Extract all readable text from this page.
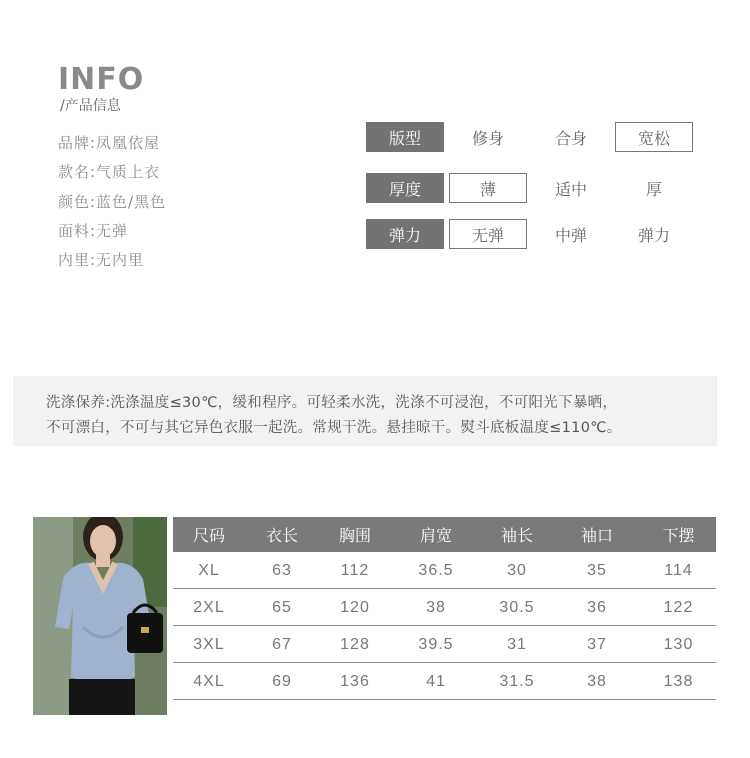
INFO
/产品信息
品牌:凤凰依屋
款名:气质上衣
颜色:蓝色/黑色
面料:无弹
内里:无内里
版型	修身	合身	宽松
厚度	薄	适中	厚
弹力	无弹	中弹	弹力
洗涤保养:洗涤温度≤30℃，缓和程序。可轻柔水洗，洗涤不可浸泡，不可阳光下暴晒，
不可漂白，不可与其它异色衣服一起洗。常规干洗。悬挂晾干。熨斗底板温度≤110℃。
尺码	衣长	胸围	肩宽	袖长	袖口	下摆
XL	63	112	36.5	30	35	114
2XL	65	120	38	30.5	36	122
3XL	67	128	39.5	31	37	130
4XL	69	136	41	31.5	38	138
